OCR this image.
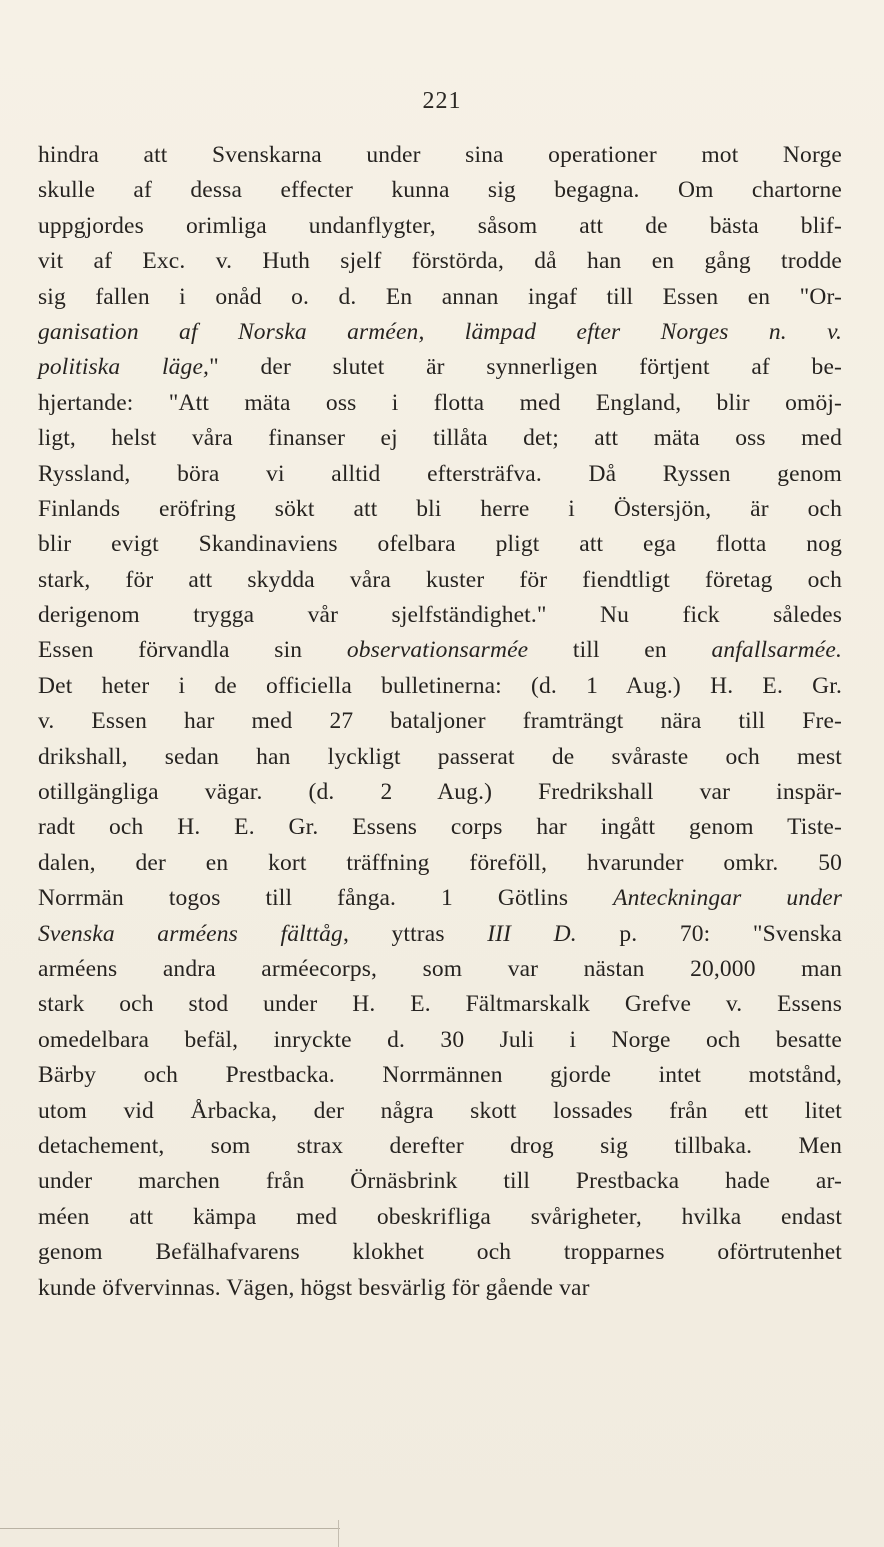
221
hindra att Svenskarna under sina operationer mot Norge
skulle af dessa effecter kunna sig begagna. Om chartorne
uppgjordes orimliga undanflygter, såsom att de bästa blif-
vit af Exc. v. Huth sjelf förstörda, då han en gång trodde
sig fallen i onåd o. d. En annan ingaf till Essen en "Or-
ganisation af Norska arméen, lämpad efter Norges n. v.
politiska läge," der slutet är synnerligen förtjent af be-
hjertande: "Att mäta oss i flotta med England, blir omöj-
ligt, helst våra finanser ej tillåta det; att mäta oss med
Ryssland, böra vi alltid eftersträfva. Då Ryssen genom
Finlands eröfring sökt att bli herre i Östersjön, är och
blir evigt Skandinaviens ofelbara pligt att ega flotta nog
stark, för att skydda våra kuster för fiendtligt företag och
derigenom trygga vår sjelfständighet." Nu fick således
Essen förvandla sin observationsarmée till en anfallsarmée.
Det heter i de officiella bulletinerna: (d. 1 Aug.) H. E. Gr.
v. Essen har med 27 bataljoner framträngt nära till Fre-
drikshall, sedan han lyckligt passerat de svåraste och mest
otillgängliga vägar. (d. 2 Aug.) Fredrikshall var inspär-
radt och H. E. Gr. Essens corps har ingått genom Tiste-
dalen, der en kort träffning föreföll, hvarunder omkr. 50
Norrmän togos till fånga. 1 Götlins Anteckningar under
Svenska arméens fälttåg, yttras III D. p. 70: "Svenska
arméens andra arméecorps, som var nästan 20,000 man
stark och stod under H. E. Fältmarskalk Grefve v. Essens
omedelbara befäl, inryckte d. 30 Juli i Norge och besatte
Bärby och Prestbacka. Norrmännen gjorde intet motstånd,
utom vid Årbacka, der några skott lossades från ett litet
detachement, som strax derefter drog sig tillbaka. Men
under marchen från Örnäsbrink till Prestbacka hade ar-
méen att kämpa med obeskrifliga svårigheter, hvilka endast
genom Befälhafvarens klokhet och tropparnes oförtrutenhet
kunde öfvervinnas. Vägen, högst besvärlig för gående var
